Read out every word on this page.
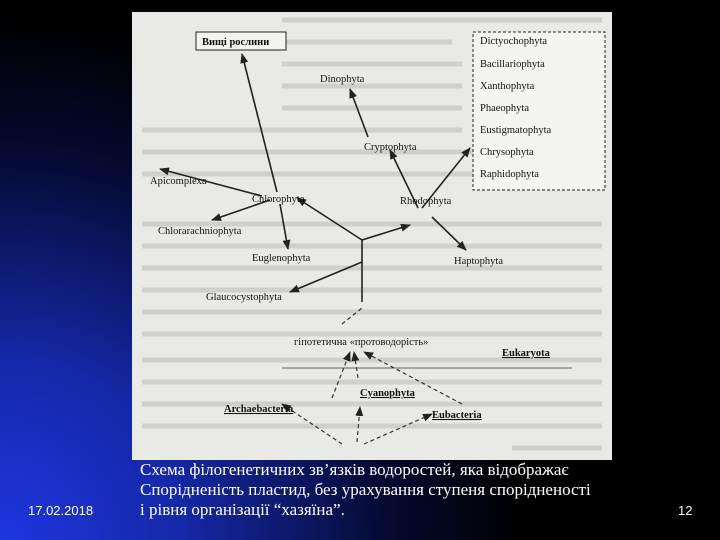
Вищі рослини	Dictyochophyta
Bacillariophyta
Xanthophyta
Phaeophyta
Eustigmatophyta
Chrysophyta
Raphidophyta
Dinophyta
Cryptophyta
Apicomplexa
Chlorophyta	Rhodophyta
Chlorarachniophyta
Euglenophyta	Haptophyta
Glaucocystophyta
гіпотетична «протоводорість»
Eukaryota
Cyanophyta
Archaebacteria
Eubacteria
Схема філогенетичних зв’язків водоростей, яка відображає
Спорідненість пластид, без урахування ступеня спорідненості
і рівня організації “хазяїна”.
17.02.2018	12
